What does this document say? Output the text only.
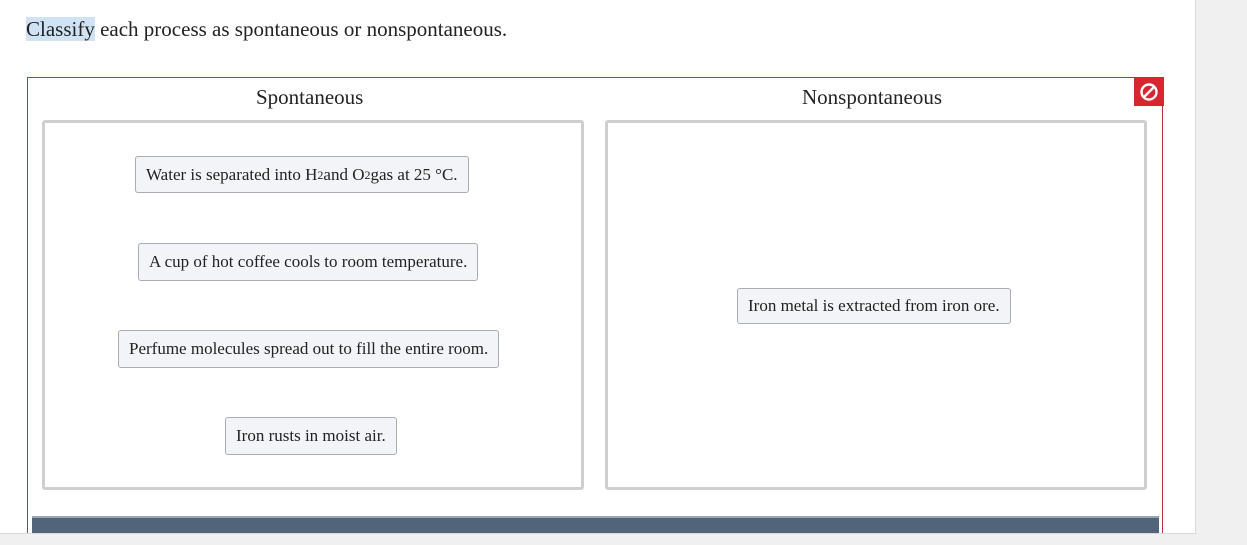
Classify each process as spontaneous or nonspontaneous.
Spontaneous	Nonspontaneous
Water is separated into H 2 and O 2 gas at 25 °C.
A cup of hot coffee cools to room temperature.
Perfume molecules spread out to fill the entire room.
Iron rusts in moist air.
Iron metal is extracted from iron ore.
